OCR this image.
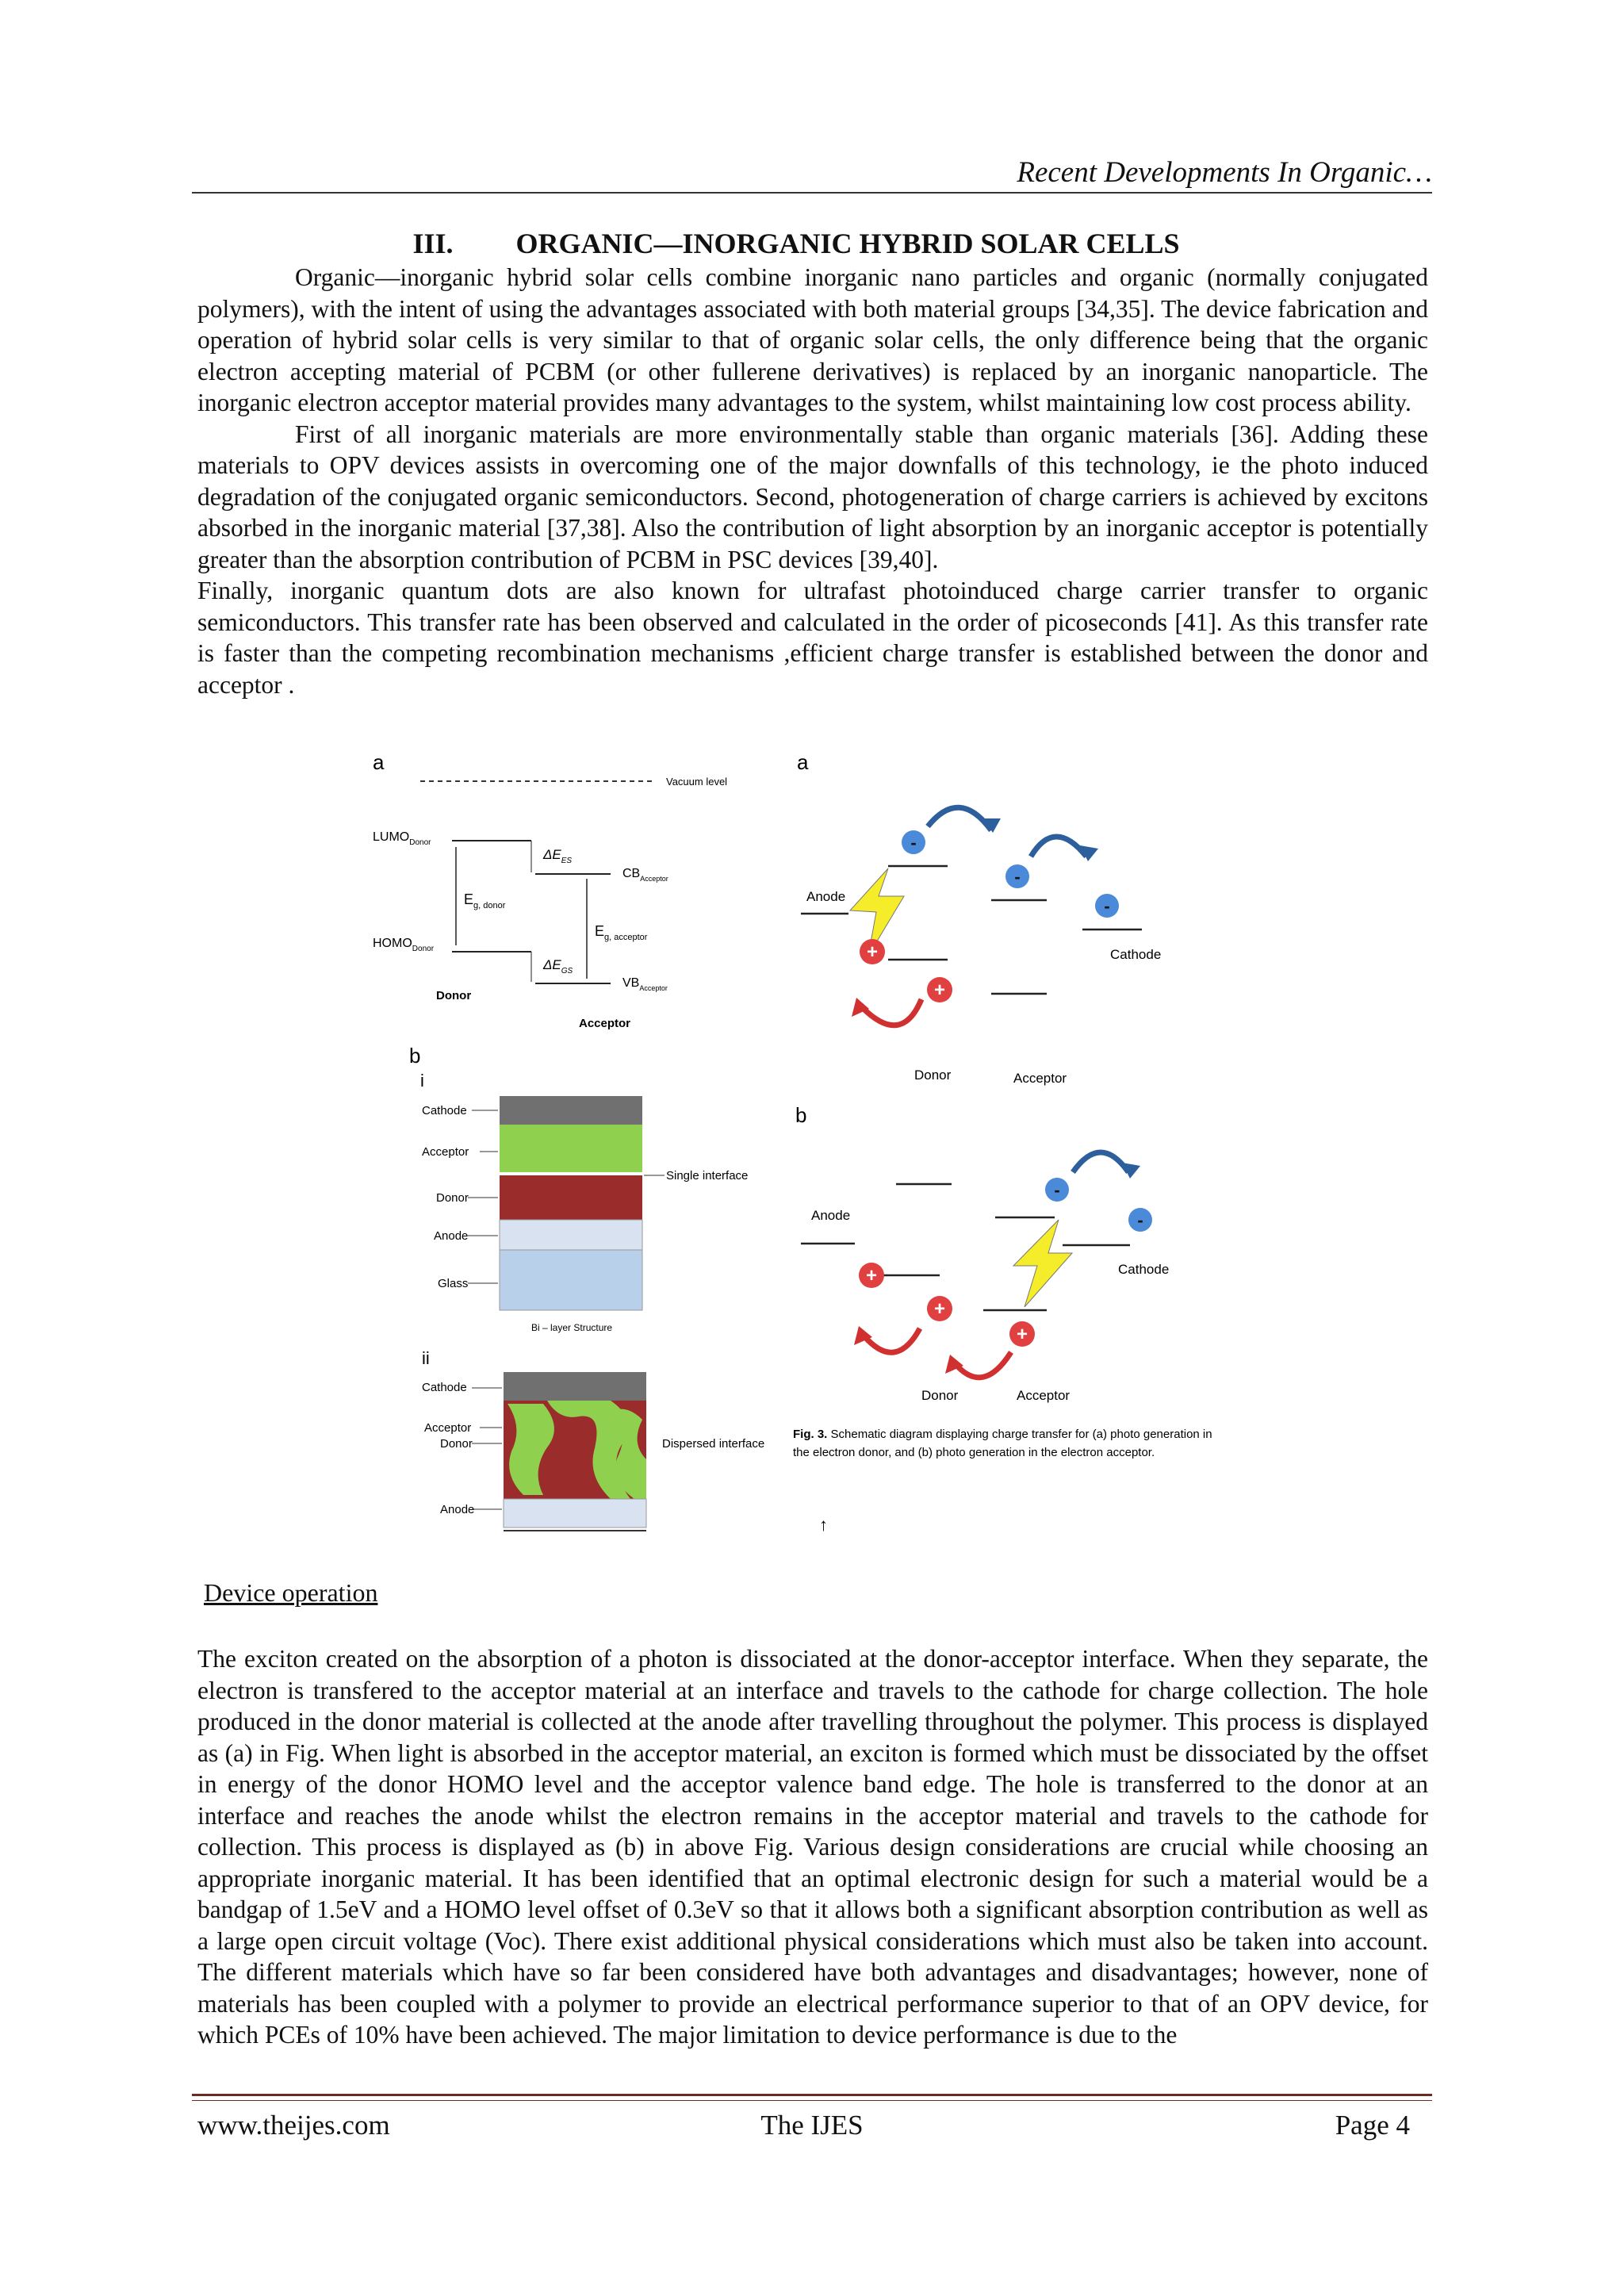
Recent Developments In Organic…
III. ORGANIC—INORGANIC HYBRID SOLAR CELLS

Organic—inorganic hybrid solar cells combine inorganic nano particles and organic (normally conjugated polymers), with the intent of using the advantages associated with both material groups [34,35]. The device fabrication and operation of hybrid solar cells is very similar to that of organic solar cells, the only difference being that the organic electron accepting material of PCBM (or other fullerene derivatives) is replaced by an inorganic nanoparticle. The inorganic electron acceptor material provides many advantages to the system, whilst maintaining low cost process ability.

First of all inorganic materials are more environmentally stable than organic materials [36]. Adding these materials to OPV devices assists in overcoming one of the major downfalls of this technology, ie the photo induced degradation of the conjugated organic semiconductors. Second, photogeneration of charge carriers is achieved by excitons absorbed in the inorganic material [37,38]. Also the contribution of light absorption by an inorganic acceptor is potentially greater than the absorption contribution of PCBM in PSC devices [39,40].

Finally, inorganic quantum dots are also known for ultrafast photoinduced charge carrier transfer to organic semiconductors. This transfer rate has been observed and calculated in the order of picoseconds [41]. As this transfer rate is faster than the competing recombination mechanisms ,efficient charge transfer is established between the donor and acceptor .

a
Vacuum level
$LUMO_{Donor}$
$HOMO_{Donor}$
$E_{g, donor}$
Donor
$\Delta E_{ES}$
$CB_{Acceptor}$
$\Delta E_{GS}$
$VB_{Acceptor}$
$E_{g, acceptor}$
Acceptor
b
i
Cathode
Acceptor
Donor
Anode
Glass
Single interface
Bi – layer Structure
ii
Cathode
Acceptor
Donor
Anode
Dispersed interface
a
Anode
Cathode
-
-
-
+
+
Donor	Acceptor
b
Anode
Cathode
-
-
+
+
+
Donor	Acceptor
Fig. 3. Schematic diagram displaying charge transfer for (a) photo generation in
the electron donor, and (b) photo generation in the electron acceptor.
↑
Device operation

The exciton created on the absorption of a photon is dissociated at the donor-acceptor interface. When they separate, the electron is transfered to the acceptor material at an interface and travels to the cathode for charge collection. The hole produced in the donor material is collected at the anode after travelling throughout the polymer. This process is displayed as (a) in Fig. When light is absorbed in the acceptor material, an exciton is formed which must be dissociated by the offset in energy of the donor HOMO level and the acceptor valence band edge. The hole is transferred to the donor at an interface and reaches the anode whilst the electron remains in the acceptor material and travels to the cathode for collection. This process is displayed as (b) in above Fig. Various design considerations are crucial while choosing an appropriate inorganic material. It has been identified that an optimal electronic design for such a material would be a bandgap of 1.5eV and a HOMO level offset of 0.3eV so that it allows both a significant absorption contribution as well as a large open circuit voltage (Voc). There exist additional physical considerations which must also be taken into account. The different materials which have so far been considered have both advantages and disadvantages; however, none of materials has been coupled with a polymer to provide an electrical performance superior to that of an OPV device, for which PCEs of 10% have been achieved. The major limitation to device performance is due to the

www.theijes.com	The IJES	Page 4
